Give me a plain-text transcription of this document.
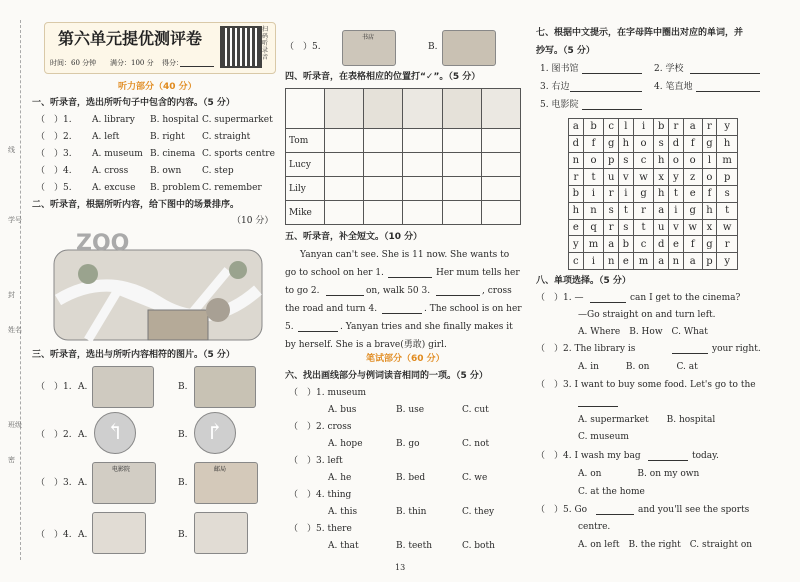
线
学号
封
姓名
班级
密
第六单元提优测评卷
时间：60 分钟 满分：100 分 得分：
扫码听录音
听力部分（40 分）
一、听录音，选出所听句子中包含的内容。（5 分）
（　）1. A. library B. hospital C. supermarket
（　）2. A. left	B. right C. straight
（　）3. A. museum B. cinema C. sports centre
（　）4. A. cross B. own C. step
（　）5. A. excuse B. problem C. remember
二、听录音，根据所听内容，给下图中的场景排序。
（10 分）
ZOO
三、听录音，选出与所听内容相符的图片。（5 分）
（　）1. A.	B.
（　）2. A. ↰	B. ↱
（　）3. A.
电影院
B.
邮局
（　）4. A.	B.
（　）5.
书店
B.
四、听录音，在表格相应的位置打“✓”。（5 分）

Tom					
Lucy					
Lily					
Mike					
五、听录音，补全短文。（10 分）
Yanyan can't see. She is 11 now. She wants to
go to school on her 1.	Her mum tells her
to go 2.	on, walk 50 3.	, cross
the road and turn 4.	. The school is on her
5.	. Yanyan tries and she finally makes it
by herself. She is a brave(勇敢) girl.
笔试部分（60 分）
六、找出画线部分与例词读音相同的一项。（5 分）
（　）1. museum
A. bus	B. use	C. cut
（　）2. cross
A. hope	B. go	C. not
（　）3. left
A. he	B. bed	C. we
（　）4. thing
A. this	B. thin	C. they
（　）5. there
A. that	B. teeth	C. both
13
七、根据中文提示，在字母阵中圈出对应的单词，并
抄写。（5 分）
1. 图书馆	2. 学校
3. 右边	4. 笔直地
5. 电影院
a	b	c	l	i	b	r	a	r	y
d	f	g	h	o	s	d	f	g	h
n	o	p	s	c	h	o	o	l	m
r	t	u	v	w	x	y	z	o	p
b	i	r	i	g	h	t	e	f	s
h	n	s	t	r	a	i	g	h	t
e	q	r	s	t	u	v	w	x	w
y	m	a	b	c	d	e	f	g	r
c	i	n	e	m	a	n	a	p	y
八、单项选择。（5 分）
（　）1. —	can I get to the cinema?
—Go straight on and turn left.
A. Where　B. How　C. What
（　）2. The library is	your right.
A. in　　　B. on　　　C. at
（　）3. I want to buy some food. Let's go to the
A. supermarket　　B. hospital
C. museum
（　）4. I wash my bag	today.
A. on　　　　B. on my own
C. at the home
（　）5. Go	and you'll see the sports
centre.
A. on left　B. the right　C. straight on
